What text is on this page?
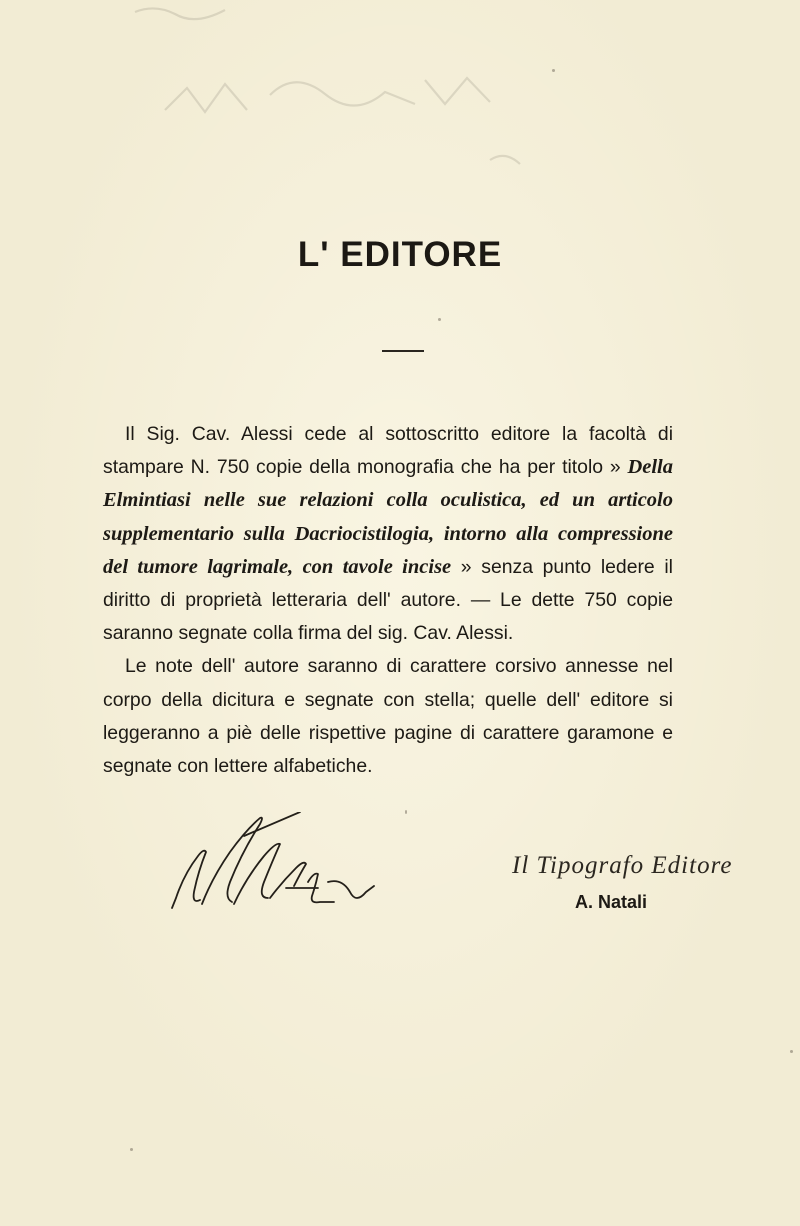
L' EDITORE

Il Sig. Cav. Alessi cede al sottoscritto editore la facoltà di stampare N. 750 copie della monografia che ha per titolo » Della Elmintiasi nelle sue relazioni colla oculistica, ed un articolo supplementario sulla Dacriocistilogia, intorno alla compressione del tumore lagrimale, con tavole incise » senza punto ledere il diritto di proprietà letteraria dell' autore. — Le dette 750 copie saranno segnate colla firma del sig. Cav. Alessi.

Le note dell' autore saranno di carattere corsivo annesse nel corpo della dicitura e segnate con stella; quelle dell' editore si leggeranno a piè delle rispettive pagine di carattere garamone e segnate con lettere alfabetiche.

Il Tipografo Editore
A. Natali
